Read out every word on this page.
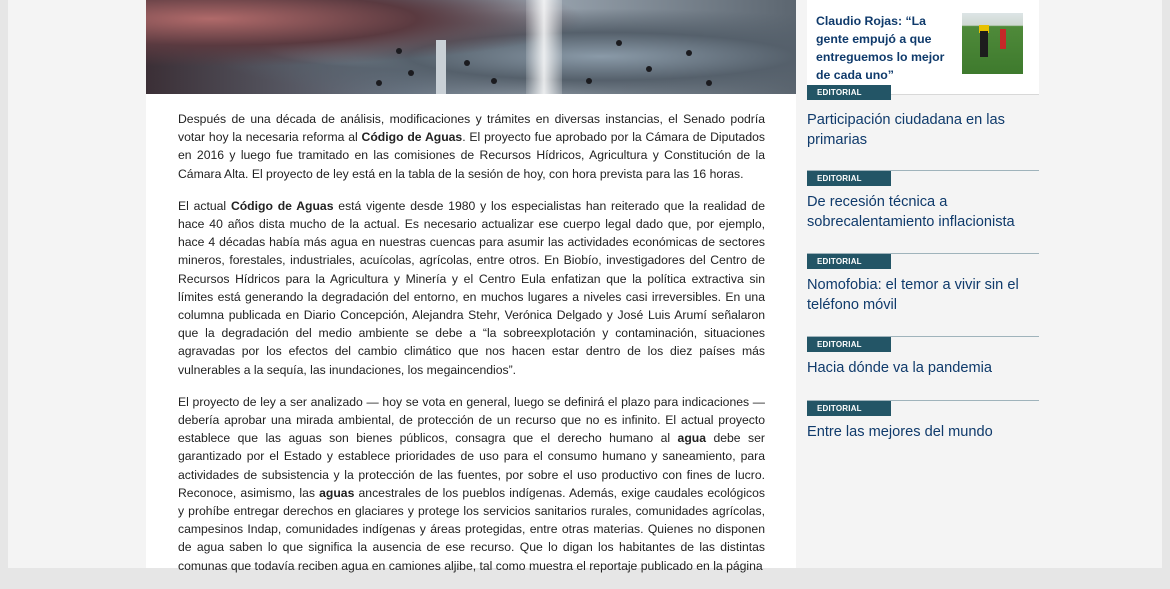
Después de una década de análisis, modificaciones y trámites en diversas instancias, el Senado podría votar hoy la necesaria reforma al Código de Aguas. El proyecto fue aprobado por la Cámara de Diputados en 2016 y luego fue tramitado en las comisiones de Recursos Hídricos, Agricultura y Constitución de la Cámara Alta. El proyecto de ley está en la tabla de la sesión de hoy, con hora prevista para las 16 horas.

El actual Código de Aguas está vigente desde 1980 y los especialistas han reiterado que la realidad de hace 40 años dista mucho de la actual. Es necesario actualizar ese cuerpo legal dado que, por ejemplo, hace 4 décadas había más agua en nuestras cuencas para asumir las actividades económicas de sectores mineros, forestales, industriales, acuícolas, agrícolas, entre otros. En Biobío, investigadores del Centro de Recursos Hídricos para la Agricultura y Minería y el Centro Eula enfatizan que la política extractiva sin límites está generando la degradación del entorno, en muchos lugares a niveles casi irreversibles. En una columna publicada en Diario Concepción, Alejandra Stehr, Verónica Delgado y José Luis Arumí señalaron que la degradación del medio ambiente se debe a “la sobreexplotación y contaminación, situaciones agravadas por los efectos del cambio climático que nos hacen estar dentro de los diez países más vulnerables a la sequía, las inundaciones, los megaincendios”.

El proyecto de ley a ser analizado — hoy se vota en general, luego se definirá el plazo para indicaciones — debería aprobar una mirada ambiental, de protección de un recurso que no es infinito. El actual proyecto establece que las aguas son bienes públicos, consagra que el derecho humano al agua debe ser garantizado por el Estado y establece prioridades de uso para el consumo humano y saneamiento, para actividades de subsistencia y la protección de las fuentes, por sobre el uso productivo con fines de lucro. Reconoce, asimismo, las aguas ancestrales de los pueblos indígenas. Además, exige caudales ecológicos y prohíbe entregar derechos en glaciares y protege los servicios sanitarios rurales, comunidades agrícolas, campesinos Indap, comunidades indígenas y áreas protegidas, entre otras materias. Quienes no disponen de agua saben lo que significa la ausencia de ese recurso. Que lo digan los habitantes de las distintas comunas que todavía reciben agua en camiones aljibe, tal como muestra el reportaje publicado en la página

Claudio Rojas: “La gente empujó a que entreguemos lo mejor de cada uno”
EDITORIAL
Participación ciudadana en las primarias
EDITORIAL
De recesión técnica a sobrecalentamiento inflacionista
EDITORIAL
Nomofobia: el temor a vivir sin el teléfono móvil
EDITORIAL
Hacia dónde va la pandemia
EDITORIAL
Entre las mejores del mundo
